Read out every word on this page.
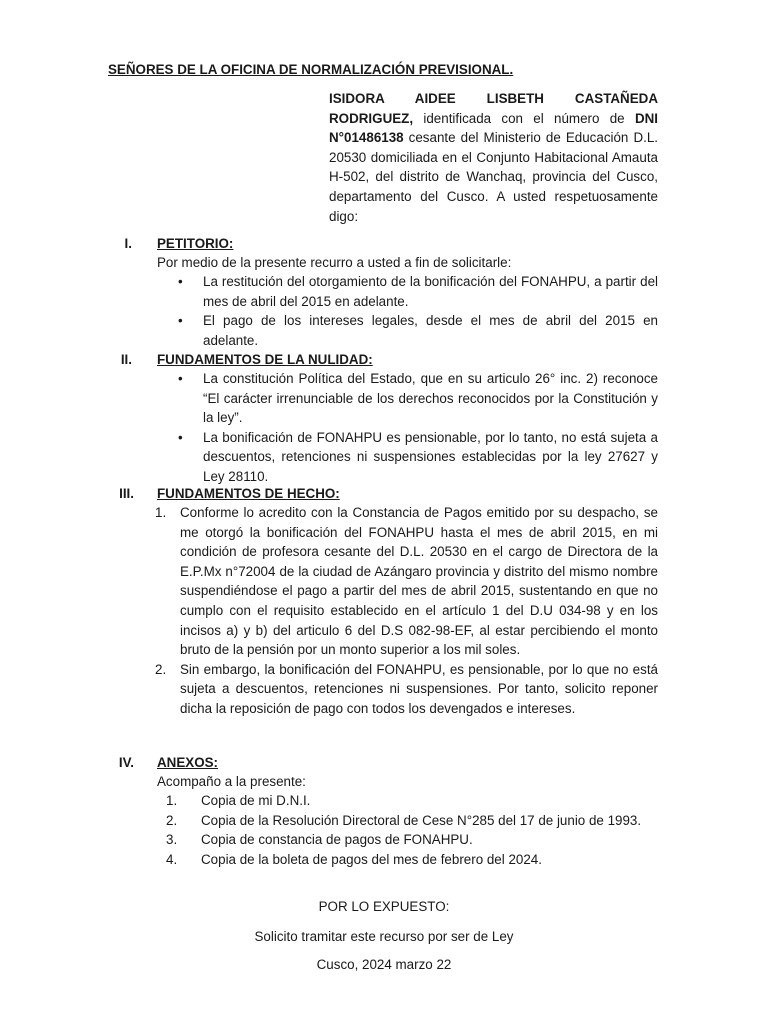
SEÑORES DE LA OFICINA DE NORMALIZACIÓN PREVISIONAL.
ISIDORA AIDEE LISBETH CASTAÑEDA RODRIGUEZ, identificada con el número de DNI N°01486138 cesante del Ministerio de Educación D.L. 20530 domiciliada en el Conjunto Habitacional Amauta H-502, del distrito de Wanchaq, provincia del Cusco, departamento del Cusco. A usted respetuosamente digo:
I. PETITORIO:
Por medio de la presente recurro a usted a fin de solicitarle:
• La restitución del otorgamiento de la bonificación del FONAHPU, a partir del mes de abril del 2015 en adelante.
• El pago de los intereses legales, desde el mes de abril del 2015 en adelante.
II. FUNDAMENTOS DE LA NULIDAD:
• La constitución Política del Estado, que en su articulo 26° inc. 2) reconoce “El carácter irrenunciable de los derechos reconocidos por la Constitución y la ley”.
• La bonificación de FONAHPU es pensionable, por lo tanto, no está sujeta a descuentos, retenciones ni suspensiones establecidas por la ley 27627 y Ley 28110.
III. FUNDAMENTOS DE HECHO:
1. Conforme lo acredito con la Constancia de Pagos emitido por su despacho, se me otorgó la bonificación del FONAHPU hasta el mes de abril 2015, en mi condición de profesora cesante del D.L. 20530 en el cargo de Directora de la E.P.Mx n°72004 de la ciudad de Azángaro provincia y distrito del mismo nombre suspendiéndose el pago a partir del mes de abril 2015, sustentando en que no cumplo con el requisito establecido en el artículo 1 del D.U 034-98 y en los incisos a) y b) del articulo 6 del D.S 082-98-EF, al estar percibiendo el monto bruto de la pensión por un monto superior a los mil soles.
2. Sin embargo, la bonificación del FONAHPU, es pensionable, por lo que no está sujeta a descuentos, retenciones ni suspensiones. Por tanto, solicito reponer dicha la reposición de pago con todos los devengados e intereses.
IV. ANEXOS:
Acompaño a la presente:
1. Copia de mi D.N.I.
2. Copia de la Resolución Directoral de Cese N°285 del 17 de junio de 1993.
3. Copia de constancia de pagos de FONAHPU.
4. Copia de la boleta de pagos del mes de febrero del 2024.
POR LO EXPUESTO:
Solicito tramitar este recurso por ser de Ley
Cusco, 2024 marzo 22
